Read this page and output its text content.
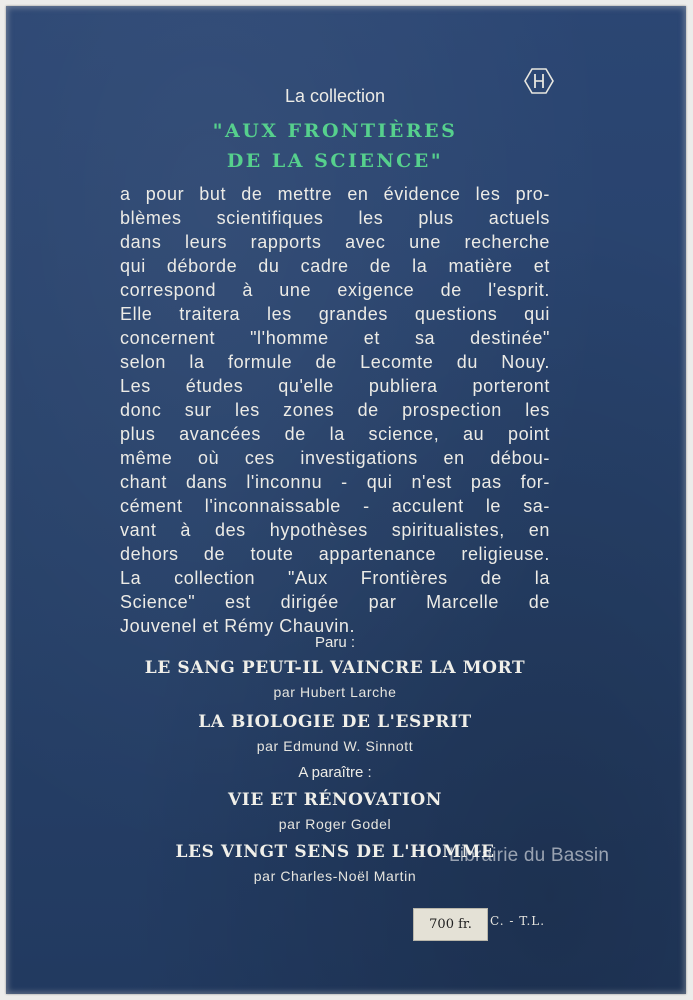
La collection
"AUX FRONTIÈRES
DE LA SCIENCE"
a pour but de mettre en évidence les pro-
blèmes scientifiques les plus actuels
dans leurs rapports avec une recherche
qui déborde du cadre de la matière et
correspond à une exigence de l'esprit.
Elle traitera les grandes questions qui
concernent "l'homme et sa destinée"
selon la formule de Lecomte du Nouy.
Les études qu'elle publiera porteront
donc sur les zones de prospection les
plus avancées de la science, au point
même où ces investigations en débou-
chant dans l'inconnu - qui n'est pas for-
cément l'inconnaissable - acculent le sa-
vant à des hypothèses spiritualistes, en
dehors de toute appartenance religieuse.
La collection "Aux Frontières de la
Science" est dirigée par Marcelle de
Jouvenel et Rémy Chauvin.
Paru :
LE SANG PEUT-IL VAINCRE LA MORT
par Hubert Larche
LA BIOLOGIE DE L'ESPRIT
par Edmund W. Sinnott
A paraître :
VIE ET RÉNOVATION
par Roger Godel
LES VINGT SENS DE L'HOMME
par Charles-Noël Martin
700 fr.	C. - T.L.
Librairie du Bassin
